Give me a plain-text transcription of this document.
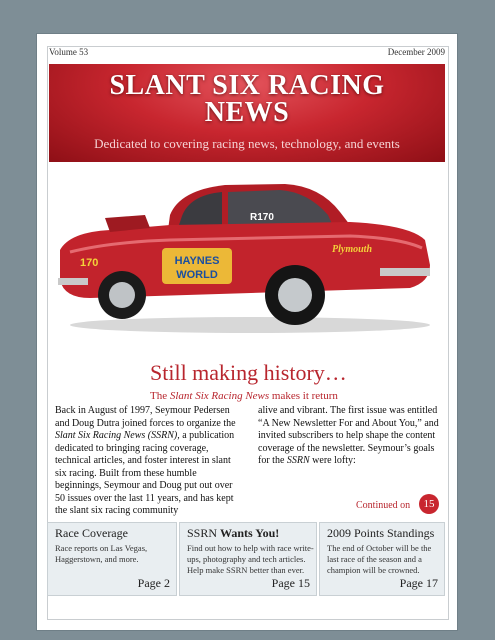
Volume 53	December 2009
SLANT SIX RACING
NEWS
Dedicated to covering racing news, technology, and events
HAYNES
WORLD
170
R170
Plymouth
Still making history…
The Slant Six Racing News makes it return
Back in August of 1997, Seymour Pedersen and Doug Dutra joined forces to organize the Slant Six Racing News (SSRN), a publication dedicated to bringing racing coverage, technical articles, and foster interest in slant six racing. Built from these humble beginnings, Seymour and Doug put out over 50 issues over the last 11 years, and has kept the slant six racing community
alive and vibrant. The first issue was entitled “A New Newsletter For and About You,” and invited subscribers to help shape the content coverage of the newsletter. Seymour’s goals for the SSRN were lofty:
Continued on	15
Race Coverage
Race reports on Las Vegas, Haggerstown, and more.
Page 2
SSRN Wants You!
Find out how to help with race write-ups, photography and tech articles. Help make SSRN better than ever.
Page 15
2009 Points Standings
The end of October will be the last race of the season and a champion will be crowned.
Page 17
